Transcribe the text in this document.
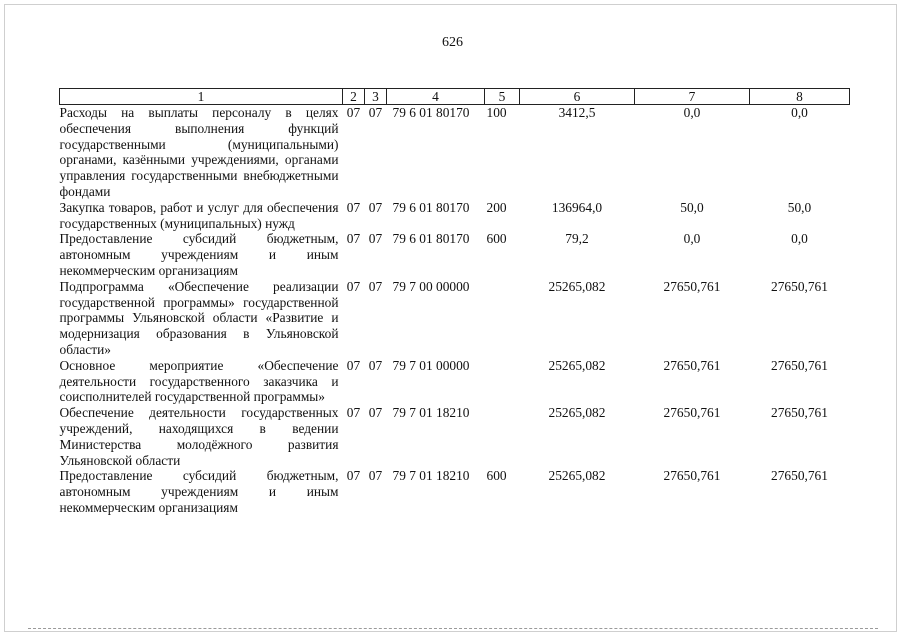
626
1	2	3	4	5	6	7	8
Расходы на выплаты персоналу в целях обеспечения выполнения функций государственными (муниципальными) органами, казёнными учреждениями, органами управления государственными внебюджетными фондами	07	07	79 6 01 80170	100	3412,5	0,0	0,0
Закупка товаров, работ и услуг для обеспечения государственных (муниципальных) нужд	07	07	79 6 01 80170	200	136964,0	50,0	50,0
Предоставление субсидий бюджетным, автономным учреждениям и иным некоммерческим организациям	07	07	79 6 01 80170	600	79,2	0,0	0,0
Подпрограмма «Обеспечение реализации государственной программы» государственной программы Ульяновской области «Развитие и модернизация образования в Ульяновской области»	07	07	79 7 00 00000		25265,082	27650,761	27650,761
Основное мероприятие «Обеспечение деятельности государственного заказчика и соисполнителей государственной программы»	07	07	79 7 01 00000		25265,082	27650,761	27650,761
Обеспечение деятельности государственных учреждений, находящихся в ведении Министерства молодёжного развития Ульяновской области	07	07	79 7 01 18210		25265,082	27650,761	27650,761
Предоставление субсидий бюджетным, автономным учреждениям и иным некоммерческим организациям	07	07	79 7 01 18210	600	25265,082	27650,761	27650,761
